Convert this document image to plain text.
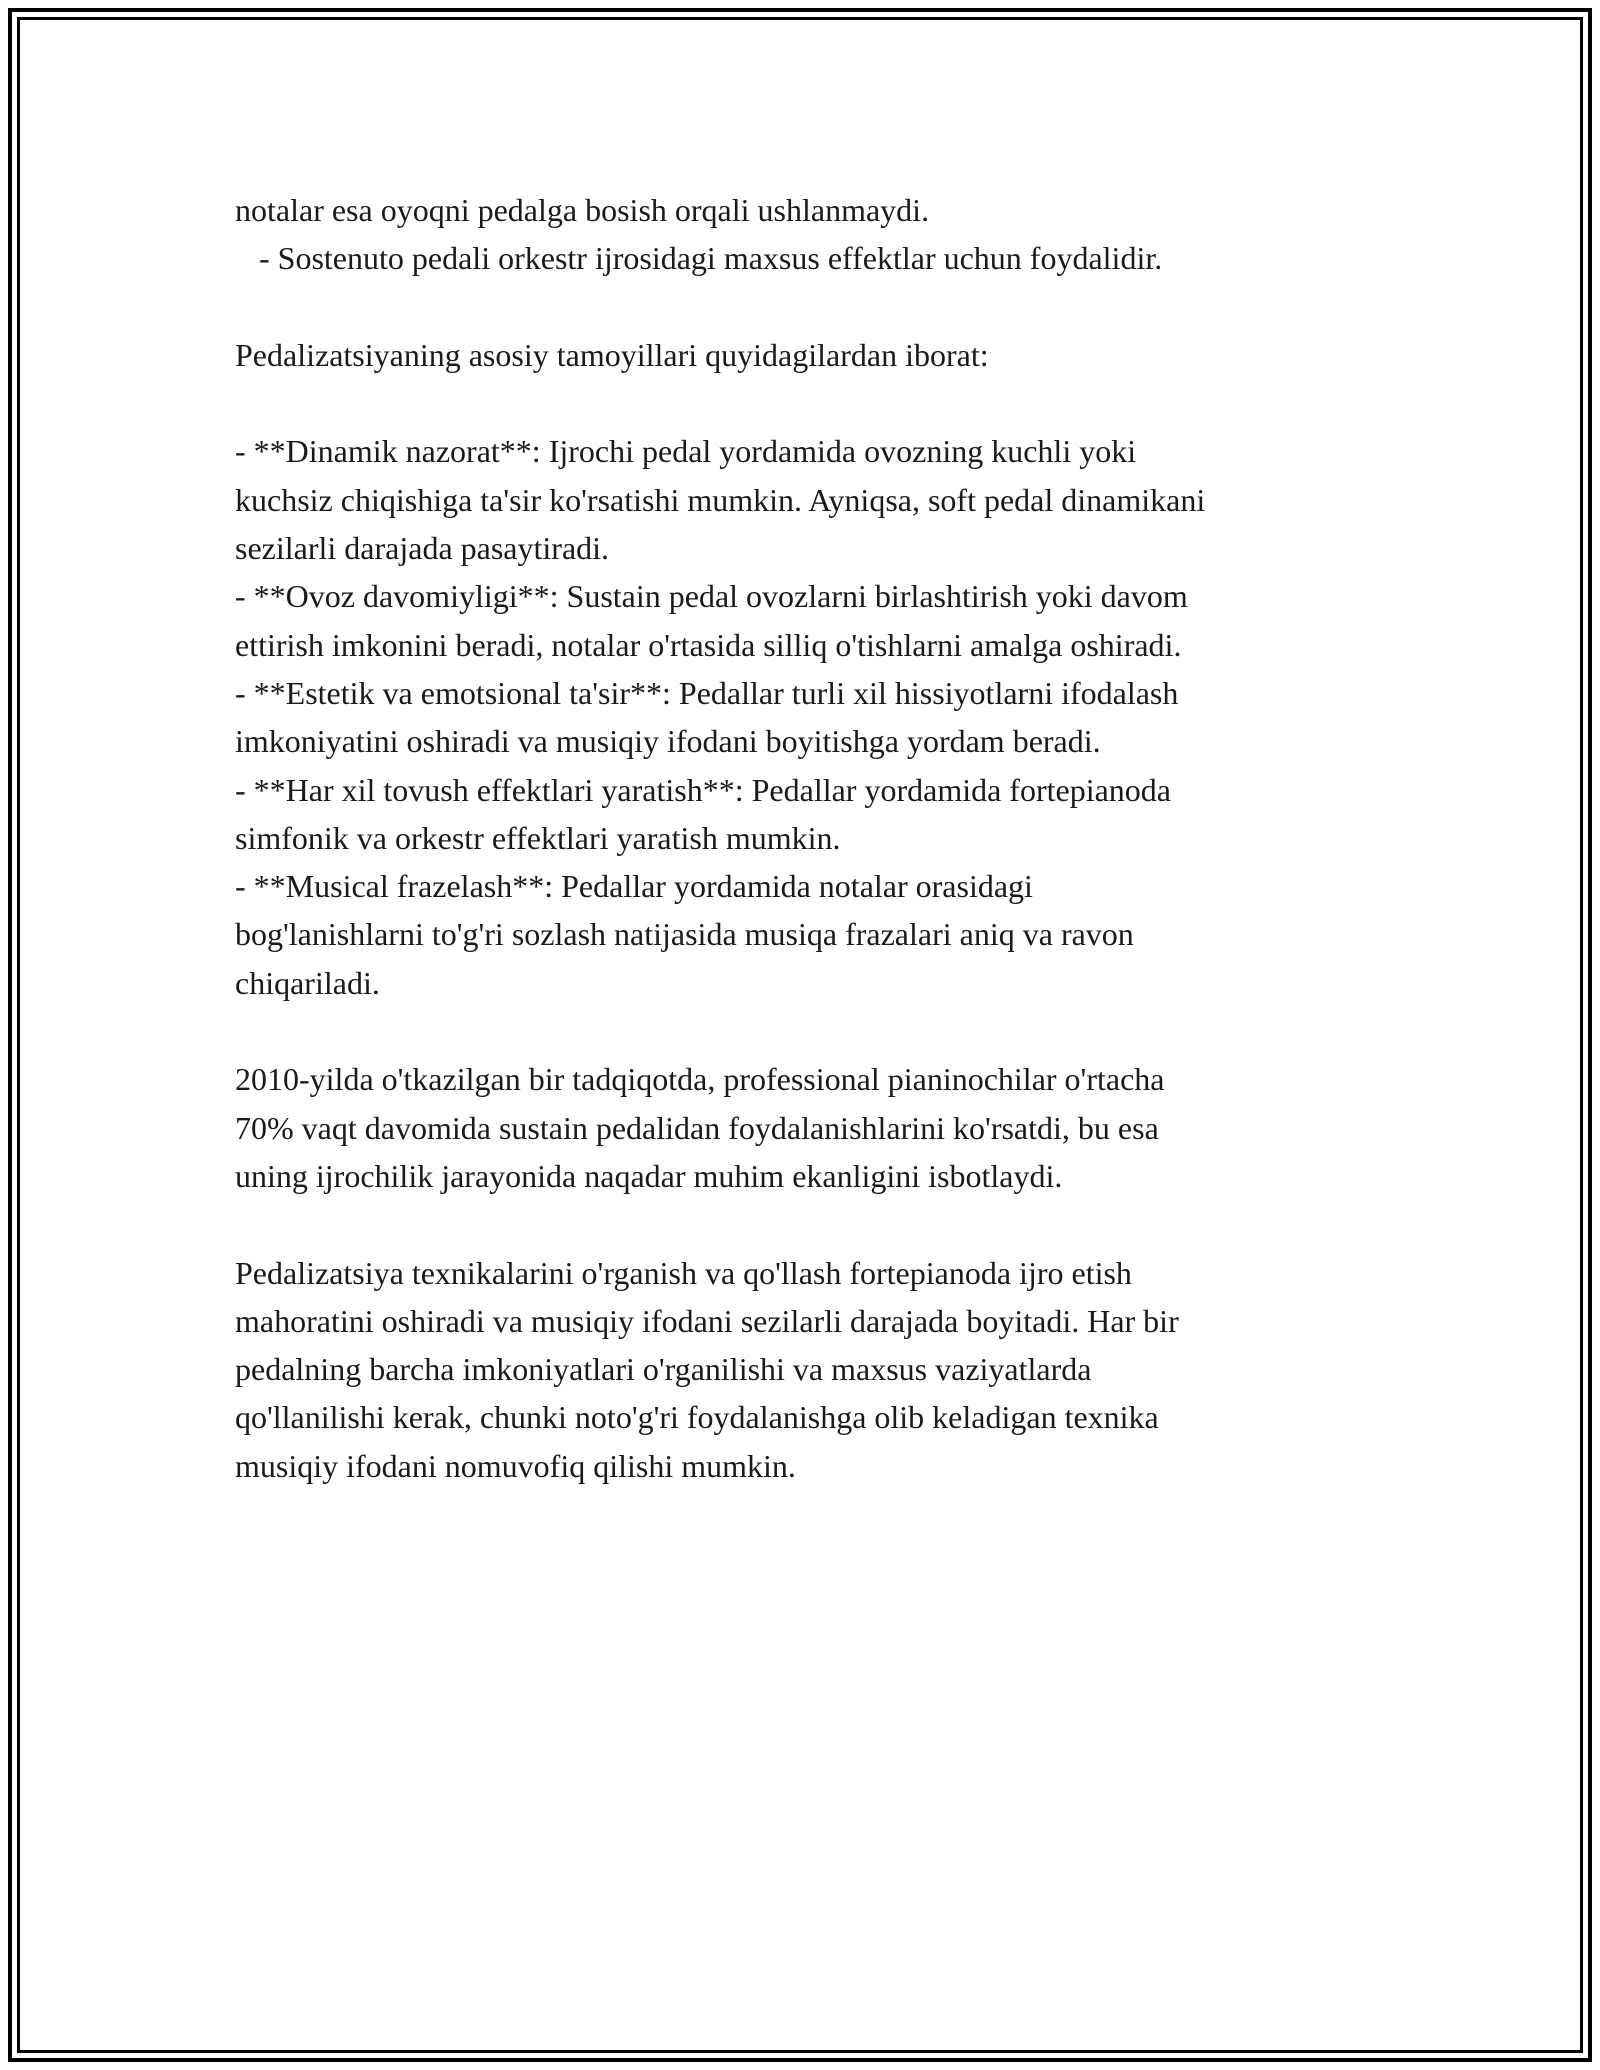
notalar esa oyoqni pedalga bosish orqali ushlanmaydi.
- Sostenuto pedali orkestr ijrosidagi maxsus effektlar uchun foydalidir.
Pedalizatsiyaning asosiy tamoyillari quyidagilardan iborat:
- **Dinamik nazorat**: Ijrochi pedal yordamida ovozning kuchli yoki
kuchsiz chiqishiga ta'sir ko'rsatishi mumkin. Ayniqsa, soft pedal dinamikani
sezilarli darajada pasaytiradi.
- **Ovoz davomiyligi**: Sustain pedal ovozlarni birlashtirish yoki davom
ettirish imkonini beradi, notalar o'rtasida silliq o'tishlarni amalga oshiradi.
- **Estetik va emotsional ta'sir**: Pedallar turli xil hissiyotlarni ifodalash
imkoniyatini oshiradi va musiqiy ifodani boyitishga yordam beradi.
- **Har xil tovush effektlari yaratish**: Pedallar yordamida fortepianoda
simfonik va orkestr effektlari yaratish mumkin.
- **Musical frazelash**: Pedallar yordamida notalar orasidagi
bog'lanishlarni to'g'ri sozlash natijasida musiqa frazalari aniq va ravon
chiqariladi.
2010-yilda o'tkazilgan bir tadqiqotda, professional pianinochilar o'rtacha
70% vaqt davomida sustain pedalidan foydalanishlarini ko'rsatdi, bu esa
uning ijrochilik jarayonida naqadar muhim ekanligini isbotlaydi.
Pedalizatsiya texnikalarini o'rganish va qo'llash fortepianoda ijro etish
mahoratini oshiradi va musiqiy ifodani sezilarli darajada boyitadi. Har bir
pedalning barcha imkoniyatlari o'rganilishi va maxsus vaziyatlarda
qo'llanilishi kerak, chunki noto'g'ri foydalanishga olib keladigan texnika
musiqiy ifodani nomuvofiq qilishi mumkin.
